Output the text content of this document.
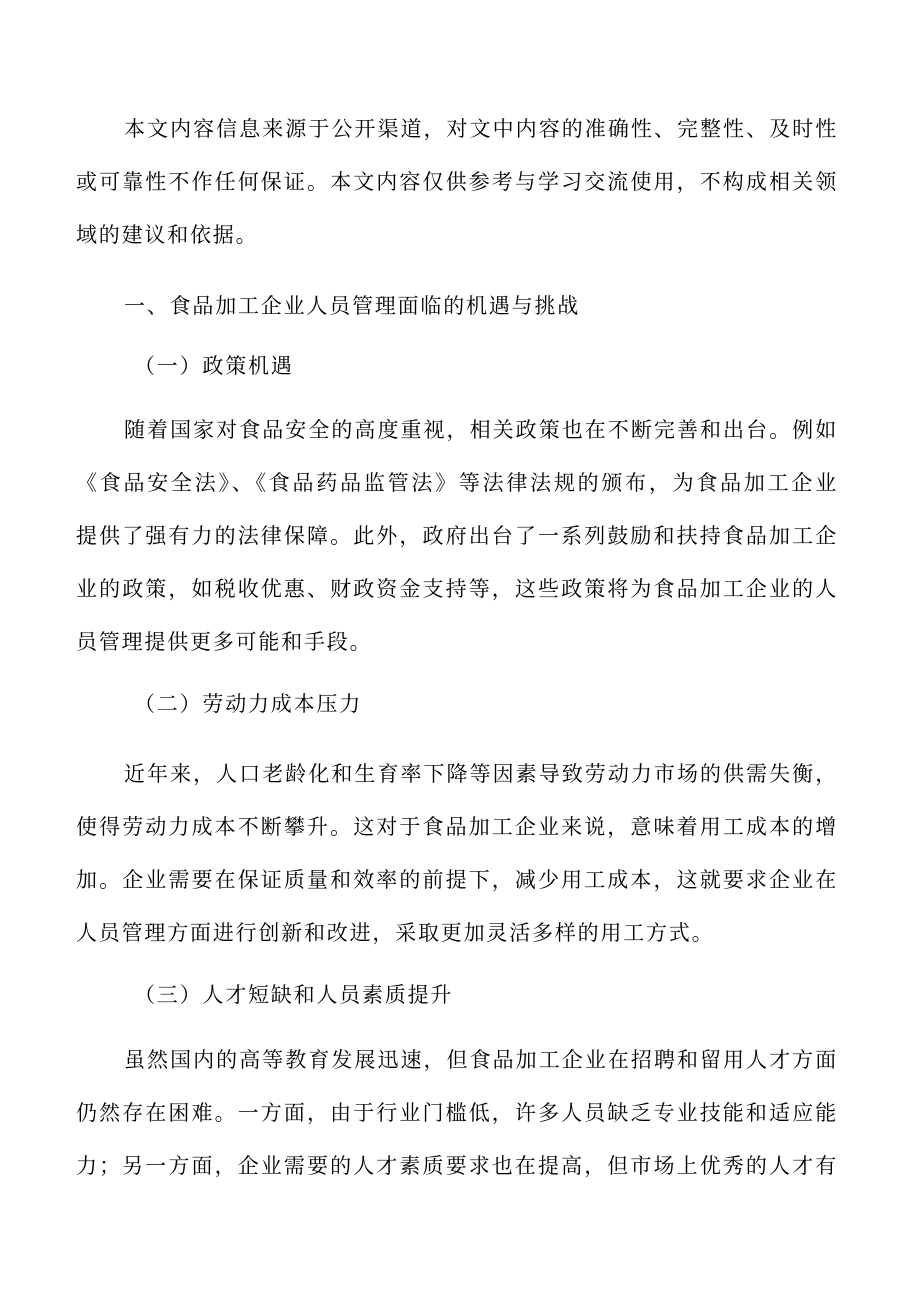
本文内容信息来源于公开渠道，对文中内容的准确性、完整性、及时性
或可靠性不作任何保证。本文内容仅供参考与学习交流使用，不构成相关领
域的建议和依据。
一、食品加工企业人员管理面临的机遇与挑战
（一）政策机遇
随着国家对食品安全的高度重视，相关政策也在不断完善和出台。例如
《食品安全法》、《食品药品监管法》等法律法规的颁布，为食品加工企业
提供了强有力的法律保障。此外，政府出台了一系列鼓励和扶持食品加工企
业的政策，如税收优惠、财政资金支持等，这些政策将为食品加工企业的人
员管理提供更多可能和手段。
（二）劳动力成本压力
近年来，人口老龄化和生育率下降等因素导致劳动力市场的供需失衡，
使得劳动力成本不断攀升。这对于食品加工企业来说，意味着用工成本的增
加。企业需要在保证质量和效率的前提下，减少用工成本，这就要求企业在
人员管理方面进行创新和改进，采取更加灵活多样的用工方式。
（三）人才短缺和人员素质提升
虽然国内的高等教育发展迅速，但食品加工企业在招聘和留用人才方面
仍然存在困难。一方面，由于行业门槛低，许多人员缺乏专业技能和适应能
力；另一方面，企业需要的人才素质要求也在提高，但市场上优秀的人才有
